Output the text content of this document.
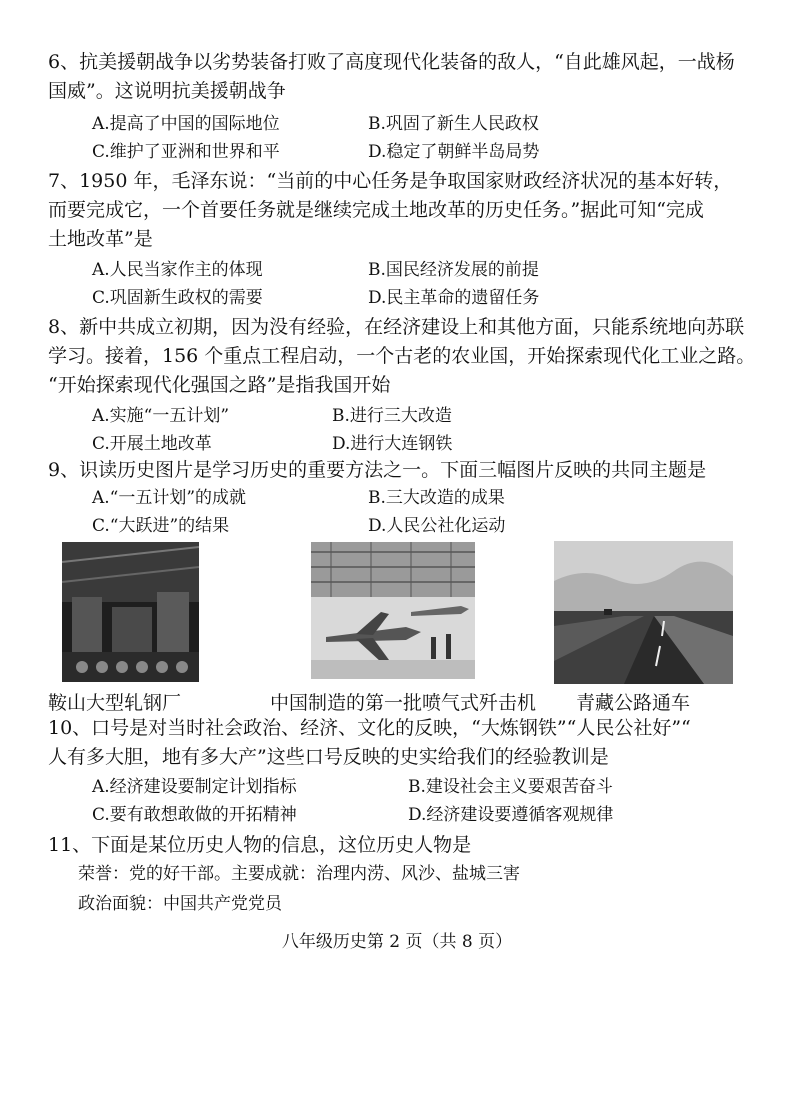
6、抗美援朝战争以劣势装备打败了高度现代化装备的敌人，“自此雄风起，一战杨
国威”。这说明抗美援朝战争
A.提高了中国的国际地位	B.巩固了新生人民政权
C.维护了亚洲和世界和平	D.稳定了朝鲜半岛局势
7、1950 年，毛泽东说：“当前的中心任务是争取国家财政经济状况的基本好转，
而要完成它，一个首要任务就是继续完成土地改革的历史任务。”据此可知“完成
土地改革”是
A.人民当家作主的体现	B.国民经济发展的前提
C.巩固新生政权的需要	D.民主革命的遗留任务
8、新中共成立初期，因为没有经验，在经济建设上和其他方面，只能系统地向苏联
学习。接着，156 个重点工程启动，一个古老的农业国，开始探索现代化工业之路。
“开始探索现代化强国之路”是指我国开始
A.实施“一五计划”	B.进行三大改造
C.开展土地改革	D.进行大连钢铁
9、识读历史图片是学习历史的重要方法之一。下面三幅图片反映的共同主题是
A.“一五计划”的成就	B.三大改造的成果
C.“大跃进”的结果	D.人民公社化运动
鞍山大型轧钢厂	中国制造的第一批喷气式歼击机 青藏公路通车
10、口号是对当时社会政治、经济、文化的反映，“大炼钢铁”“人民公社好”“
人有多大胆，地有多大产”这些口号反映的史实给我们的经验教训是
A.经济建设要制定计划指标	B.建设社会主义要艰苦奋斗
C.要有敢想敢做的开拓精神	D.经济建设要遵循客观规律
11、下面是某位历史人物的信息，这位历史人物是
荣誉：党的好干部。主要成就：治理内涝、风沙、盐城三害
政治面貌：中国共产党党员
八年级历史第 2 页（共 8 页）
